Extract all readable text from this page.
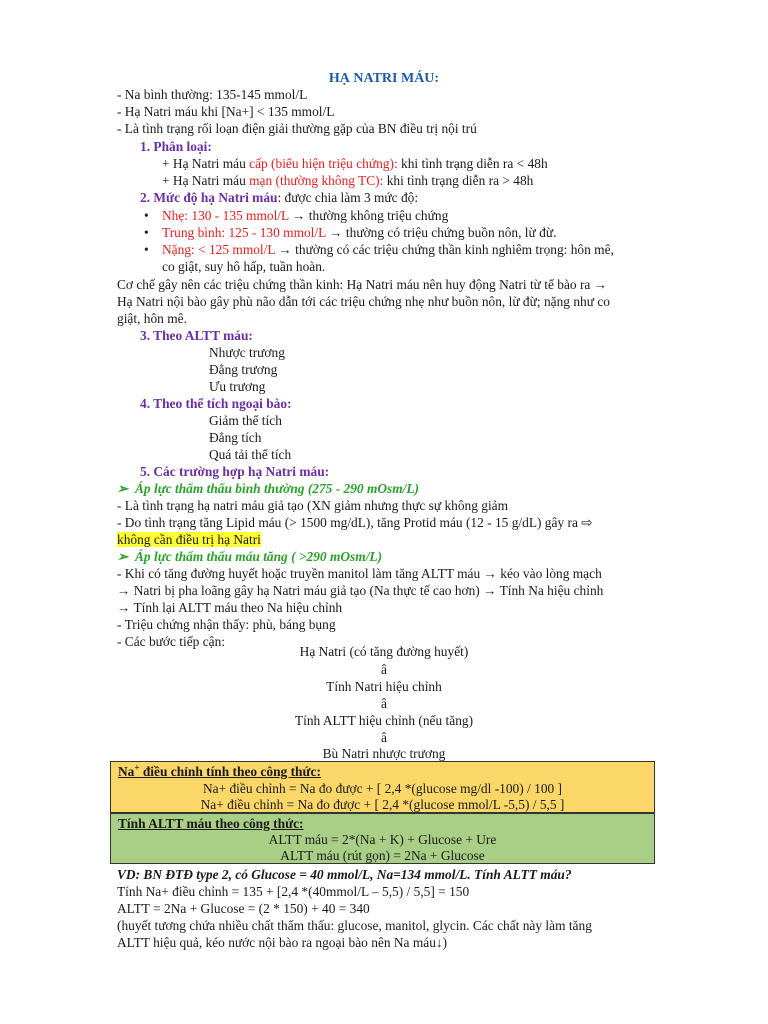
HẠ NATRI MÁU:
- Na bình thường: 135-145 mmol/L
- Hạ Natri máu khi [Na+] < 135 mmol/L
- Là tình trạng rối loạn điện giải thường gặp của BN điều trị nội trú
1. Phân loại:
+ Hạ Natri máu cấp (biểu hiện triệu chứng): khi tình trạng diễn ra < 48h
+ Hạ Natri máu mạn (thường không TC): khi tình trạng diễn ra > 48h
2. Mức độ hạ Natri máu: được chia làm 3 mức độ:
• Nhẹ: 130 - 135 mmol/L → thường không triệu chứng
• Trung bình: 125 - 130 mmol/L → thường có triệu chứng buồn nôn, lừ đừ.
• Nặng: < 125 mmol/L → thường có các triệu chứng thần kinh nghiêm trọng: hôn mê,
co giật, suy hô hấp, tuần hoàn.
Cơ chế gây nên các triệu chứng thần kinh: Hạ Natri máu nên huy động Natri từ tế bào ra →
Hạ Natri nội bào gây phù não dẫn tới các triệu chứng nhẹ như buồn nôn, lừ đừ; nặng như co
giật, hôn mê.
3. Theo ALTT máu:
Nhược trương
Đẳng trương
Ưu trương
4. Theo thể tích ngoại bào:
Giảm thể tích
Đẳng tích
Quá tải thể tích
5. Các trường hợp hạ Natri máu:
➢ Áp lực thẩm thấu bình thường (275 - 290 mOsm/L)
- Là tình trạng hạ natri máu giả tạo (XN giảm nhưng thực sự không giảm
- Do tình trạng tăng Lipid máu (> 1500 mg/dL), tăng Protid máu (12 - 15 g/dL) gây ra ⇨
không cần điều trị hạ Natri
➢ Áp lực thẩm thấu máu tăng ( >290 mOsm/L)
- Khi có tăng đường huyết hoặc truyền manitol làm tăng ALTT máu → kéo vào lòng mạch
→ Natri bị pha loãng gây hạ Natri máu giả tạo (Na thực tế cao hơn) → Tính Na hiệu chỉnh
→ Tính lại ALTT máu theo Na hiệu chỉnh
- Triệu chứng nhận thấy: phù, báng bụng
- Các bước tiếp cận:
Hạ Natri (có tăng đường huyết)
â
Tính Natri hiệu chỉnh
â
Tính ALTT hiệu chỉnh (nếu tăng)
â
Bù Natri nhược trương
Na+ điều chỉnh tính theo công thức:
Na+ điều chỉnh = Na đo được + [ 2,4 *(glucose mg/dl -100) / 100 ]
Na+ điều chỉnh = Na đo được + [ 2,4 *(glucose mmol/L -5,5) / 5,5 ]
Tính ALTT máu theo công thức:
ALTT máu = 2*(Na + K) + Glucose + Ure
ALTT máu (rút gọn) = 2Na + Glucose
VD: BN ĐTĐ type 2, có Glucose = 40 mmol/L, Na=134 mmol/L. Tính ALTT máu?
Tính Na+ điều chỉnh = 135 + [2,4 *(40mmol/L – 5,5) / 5,5] = 150
ALTT = 2Na + Glucose = (2 * 150) + 40 = 340
(huyết tương chứa nhiều chất thẩm thấu: glucose, manitol, glycin. Các chất này làm tăng
ALTT hiệu quả, kéo nước nội bào ra ngoại bào nên Na máu↓)
